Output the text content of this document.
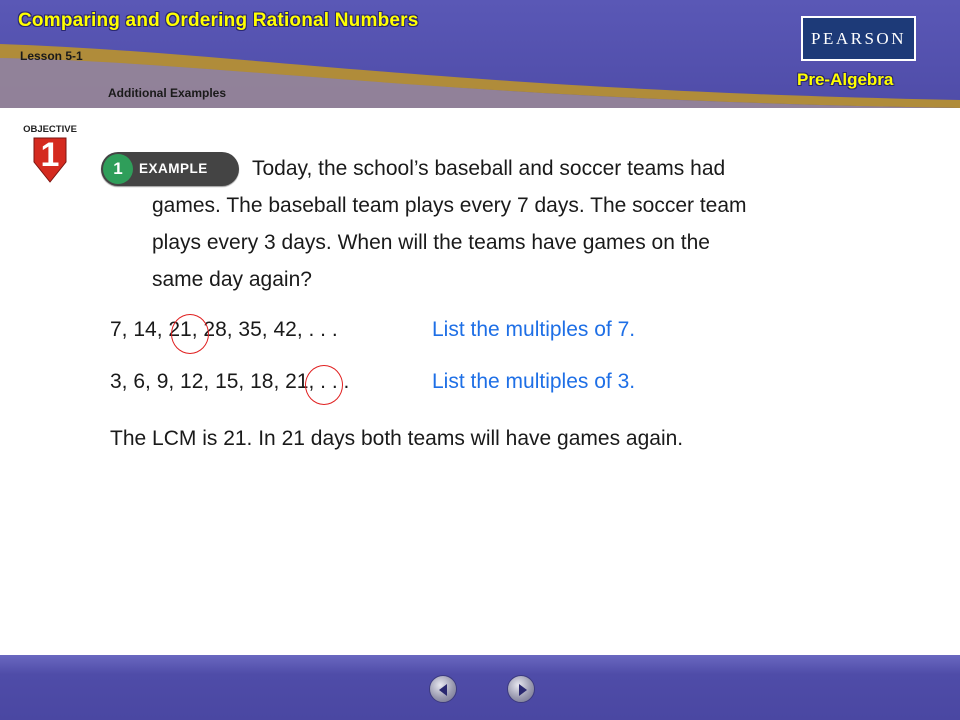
Comparing and Ordering Rational Numbers
Lesson 5-1
Additional Examples
PEARSON
Pre-Algebra
OBJECTIVE
1	1	EXAMPLE	Today, the school’s baseball and soccer teams had
games. The baseball team plays every 7 days. The soccer team
plays every 3 days. When will the teams have games on the
same day again?
7, 14, 21, 28, 35, 42, . . .	List the multiples of 7.
3, 6, 9, 12, 15, 18, 21, . . .	List the multiples of 3.
The LCM is 21. In 21 days both teams will have games again.
